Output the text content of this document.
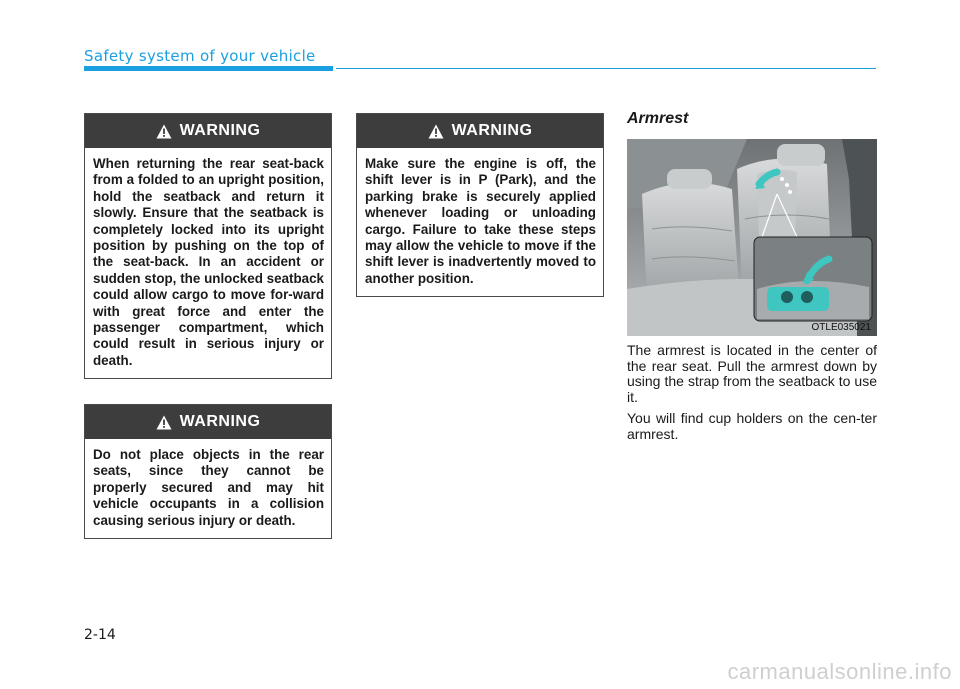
Safety system of your vehicle
WARNING
When returning the rear seat-back from a folded to an upright position, hold the seatback and return it slowly. Ensure that the seatback is completely locked into its upright position by pushing on the top of the seat-back. In an accident or sudden stop, the unlocked seatback could allow cargo to move for-ward with great force and enter the passenger compartment, which could result in serious injury or death.
WARNING
Do not place objects in the rear seats, since they cannot be properly secured and may hit vehicle occupants in a collision causing serious injury or death.
WARNING
Make sure the engine is off, the shift lever is in P (Park), and the parking brake is securely applied whenever loading or unloading cargo. Failure to take these steps may allow the vehicle to move if the shift lever is inadvertently moved to another position.
Armrest
OTLE035021
The armrest is located in the center of the rear seat. Pull the armrest down by using the strap from the seatback to use it.
You will find cup holders on the cen-ter armrest.
2-14
carmanualsonline.info
